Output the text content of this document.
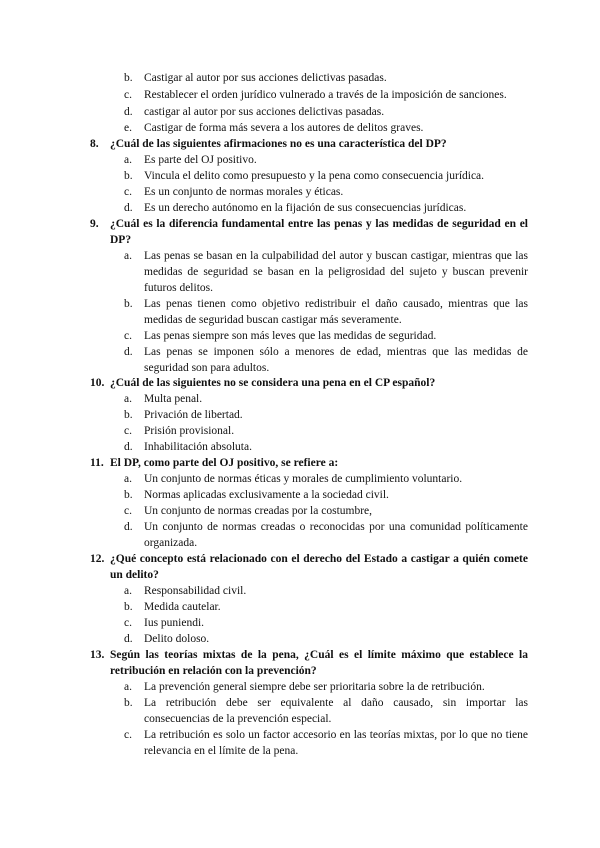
b. Castigar al autor por sus acciones delictivas pasadas.
c.	Restablecer el orden jurídico vulnerado a través de la imposición de sanciones.
d. castigar al autor por sus acciones delictivas pasadas.
e.	Castigar de forma más severa a los autores de delitos graves.
8. ¿Cuál de las siguientes afirmaciones no es una característica del DP?
a.	Es parte del OJ positivo.
b. Vincula el delito como presupuesto y la pena como consecuencia jurídica.
c.	Es un conjunto de normas morales y éticas.
d. Es un derecho autónomo en la fijación de sus consecuencias jurídicas.
9. ¿Cuál es la diferencia fundamental entre las penas y las medidas de seguridad en el DP?
a.	Las penas se basan en la culpabilidad del autor y buscan castigar, mientras que las medidas de seguridad se basan en la peligrosidad del sujeto y buscan prevenir futuros delitos.
b. Las penas tienen como objetivo redistribuir el daño causado, mientras que las medidas de seguridad buscan castigar más severamente.
c.	Las penas siempre son más leves que las medidas de seguridad.
d. Las penas se imponen sólo a menores de edad, mientras que las medidas de seguridad son para adultos.
10. ¿Cuál de las siguientes no se considera una pena en el CP español?
a.	Multa penal.
b. Privación de libertad.
c.	Prisión provisional.
d. Inhabilitación absoluta.
11. El DP, como parte del OJ positivo, se refiere a:
a.	Un conjunto de normas éticas y morales de cumplimiento voluntario.
b. Normas aplicadas exclusivamente a la sociedad civil.
c.	Un conjunto de normas creadas por la costumbre,
d. Un conjunto de normas creadas o reconocidas por una comunidad políticamente organizada.
12. ¿Qué concepto está relacionado con el derecho del Estado a castigar a quién comete un delito?
a.	Responsabilidad civil.
b. Medida cautelar.
c.	Ius puniendi.
d. Delito doloso.
13. Según las teorías mixtas de la pena, ¿Cuál es el límite máximo que establece la retribución en relación con la prevención?
a.	La prevención general siempre debe ser prioritaria sobre la de retribución.
b. La retribución debe ser equivalente al daño causado, sin importar las consecuencias de la prevención especial.
c.	La retribución es solo un factor accesorio en las teorías mixtas, por lo que no tiene relevancia en el límite de la pena.
